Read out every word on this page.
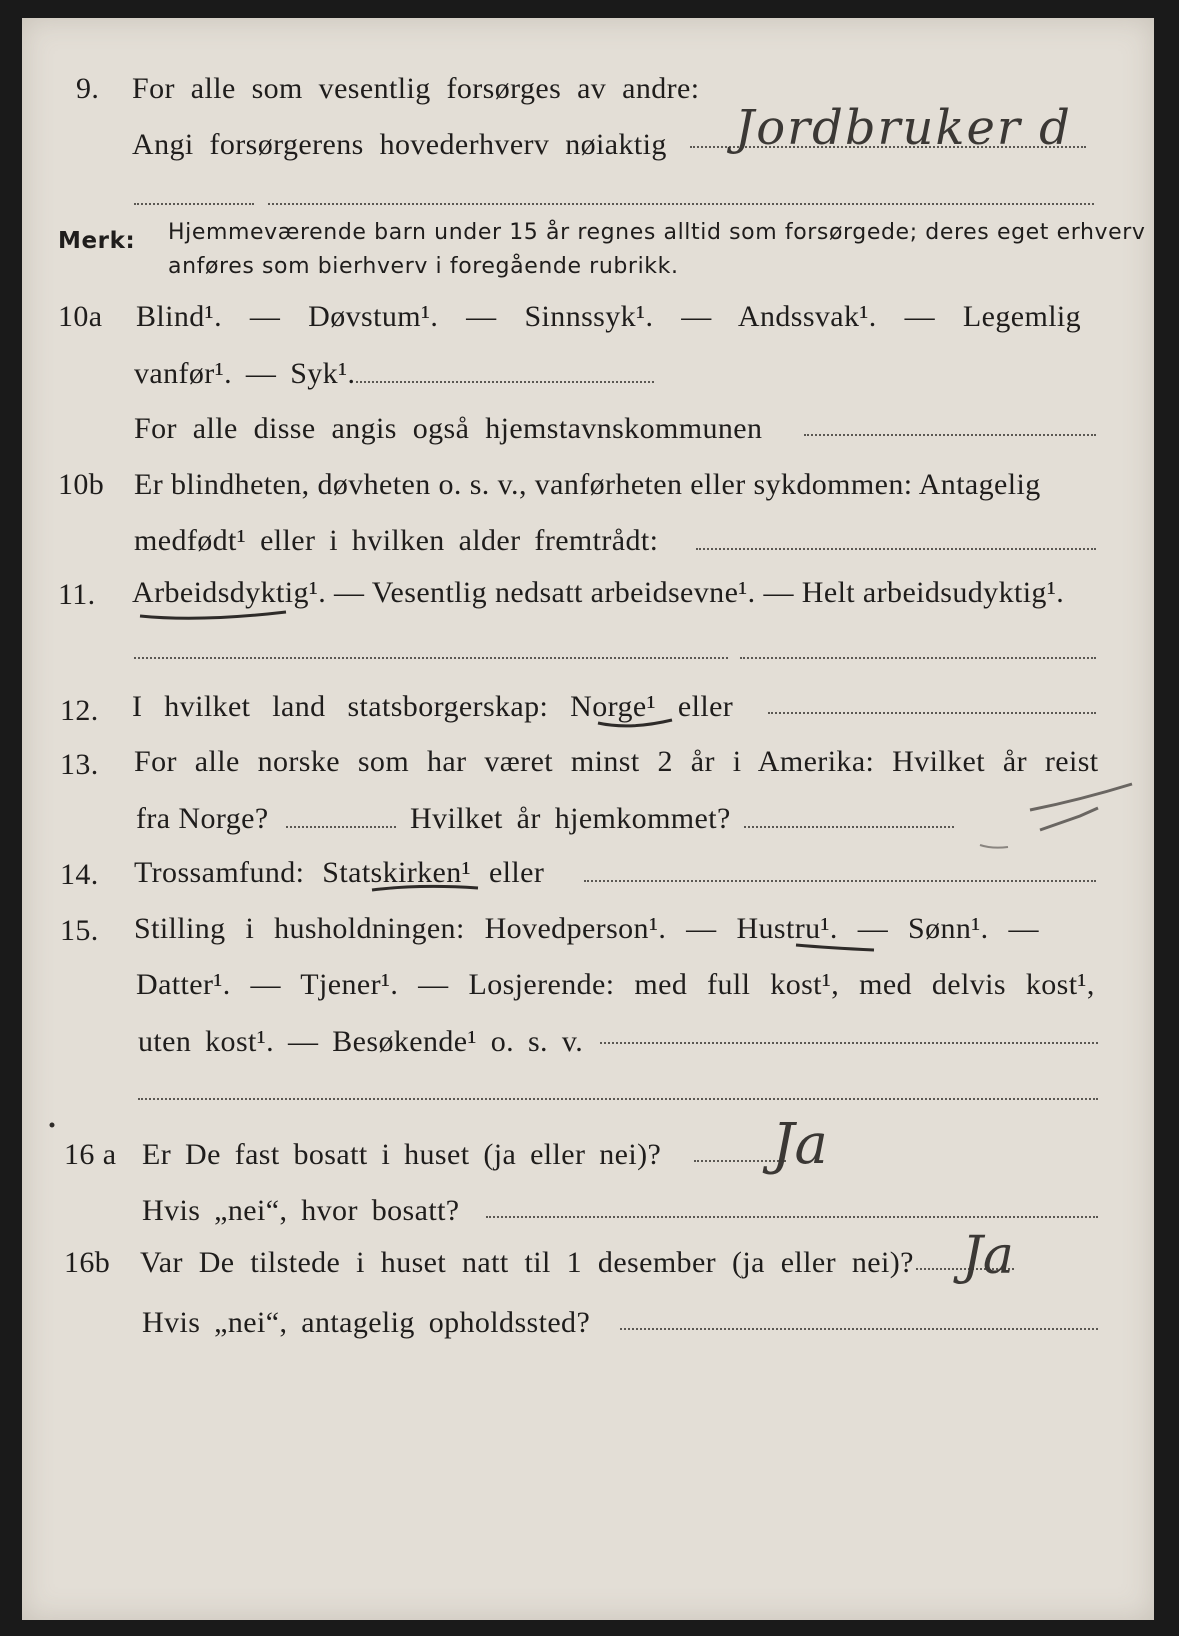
9. For alle som vesentlig forsørges av andre:
Angi forsørgerens hovederhverv nøiaktig Jordbruker d
Merk: Hjemmeværende barn under 15 år regnes alltid som forsørgede; deres eget erhverv
anføres som bierhverv i foregående rubrikk.
10a Blind¹. — Døvstum¹. — Sinnssyk¹. — Andssvak¹. — Legemlig
vanfør¹. — Syk¹.
For alle disse angis også hjemstavnskommunen
10b Er blindheten, døvheten o. s. v., vanførheten eller sykdommen: Antagelig
medfødt¹ eller i hvilken alder fremtrådt:
11. Arbeidsdyktig¹. — Vesentlig nedsatt arbeidsevne¹. — Helt arbeidsudyktig¹.
12. I hvilket land statsborgerskap: Norge¹ eller
13. For alle norske som har været minst 2 år i Amerika: Hvilket år reist
fra Norge?	Hvilket år hjemkommet?
14. Trossamfund: Statskirken¹ eller
15. Stilling i husholdningen: Hovedperson¹. — Hustru¹. — Sønn¹. —
Datter¹. — Tjener¹. — Losjerende: med full kost¹, med delvis kost¹,
uten kost¹. — Besøkende¹ o. s. v.
16 a Er De fast bosatt i huset (ja eller nei)? Ja
Hvis „nei“, hvor bosatt?
16b Var De tilstede i huset natt til 1 desember (ja eller nei)? Ja
Hvis „nei“, antagelig opholdssted?
